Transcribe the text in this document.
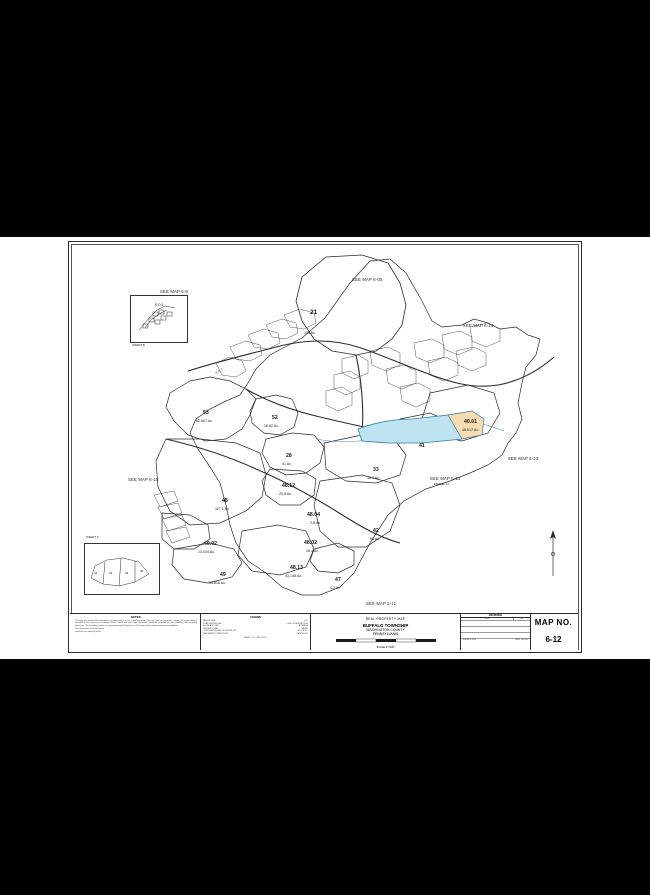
R.D.1
INSERT B
43	44	45	46
INSERT A
SEE MAP 6-9
SEE MAP 6-05
SEE MAP 6-14
SEE MAP 6-13
SEE MAP 6-13
SEE MAP 6-15
SEE MAP 6-11
PARCEL 13
R.D. 1
21
134 Ac.
53
62.067 Ac.	52
16.82 Ac.
28
41 Ac.
41
40.01
48.017 Ac.
33
36.4 Ac.
48
117.1 Ac.
48.12
20.8 Ac.
48.04
2.8 Ac.
48.02
16.4 Ac.
49.02
14.034 Ac.
49
35.816 Ac.
48.13
43.148 Ac.
47
4.3 Ac.
42
96 Ac.
NOTICE
This map was prepared for assessment purposes only. It is not a legal document. The map does not represent a survey. No responsibility is assumed by the county for inaccuracies herein. Deeds and other legal documents should be consulted for exact boundary and ownership information. The boundaries shown are approximate only. Reproduction of this map without written permission is prohibited.
The information herein shall not be
construed as a warranty of title.
LEGEND
PARCEL LINE	LOT
ROAD CENTER LINE	LINE OF DESCRIPTION
BOUNDARY LINE	ACREAGE
PROPERTY LINE	WATER
CORPORATE/ROAD CROSS REF. NO.	BLOCK NO.
MAP SERIES CONNECTION	PARCEL NO.
SHEET 1 OF 1 SECTION 7
REAL PROPERTY MAP
BUFFALO TOWNSHIP
WASHINGTON COUNTY
PENNSYLVANIA
SCALE 1"=400'
REVISIONS
DATE	BY
SURVEY: 2019	PATS: 2019-03
MAP NO.
6-12
